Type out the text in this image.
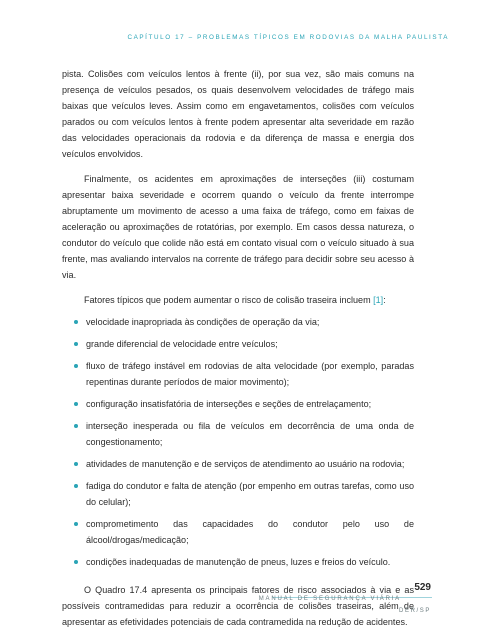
CAPÍTULO 17 – PROBLEMAS TÍPICOS EM RODOVIAS DA MALHA PAULISTA

pista. Colisões com veículos lentos à frente (ii), por sua vez, são mais comuns na presença de veículos pesados, os quais desenvolvem velocidades de tráfego mais baixas que veículos leves. Assim como em engavetamentos, colisões com veículos parados ou com veículos lentos à frente podem apresentar alta severidade em razão das velocidades operacionais da rodovia e da diferença de massa e energia dos veículos envolvidos.

Finalmente, os acidentes em aproximações de interseções (iii) costumam apresentar baixa severidade e ocorrem quando o veículo da frente interrompe abruptamente um movimento de acesso a uma faixa de tráfego, como em faixas de aceleração ou aproximações de rotatórias, por exemplo. Em casos dessa natureza, o condutor do veículo que colide não está em contato visual com o veículo situado à sua frente, mas avaliando intervalos na corrente de tráfego para decidir sobre seu acesso à via.

Fatores típicos que podem aumentar o risco de colisão traseira incluem [1]:

velocidade inapropriada às condições de operação da via;
grande diferencial de velocidade entre veículos;
fluxo de tráfego instável em rodovias de alta velocidade (por exemplo, paradas repentinas durante períodos de maior movimento);
configuração insatisfatória de interseções e seções de entrelaçamento;
interseção inesperada ou fila de veículos em decorrência de uma onda de congestionamento;
atividades de manutenção e de serviços de atendimento ao usuário na rodovia;
fadiga do condutor e falta de atenção (por empenho em outras tarefas, como uso do celular);
comprometimento das capacidades do condutor pelo uso de álcool/drogas/medicação;
condições inadequadas de manutenção de pneus, luzes e freios do veículo.

O Quadro 17.4 apresenta os principais fatores de risco associados à via e as possíveis contramedidas para reduzir a ocorrência de colisões traseiras, além de apresentar as efetividades potenciais de cada contramedida na redução de acidentes.

529
MANUAL DE SEGURANÇA VIÁRIA
DER/SP
